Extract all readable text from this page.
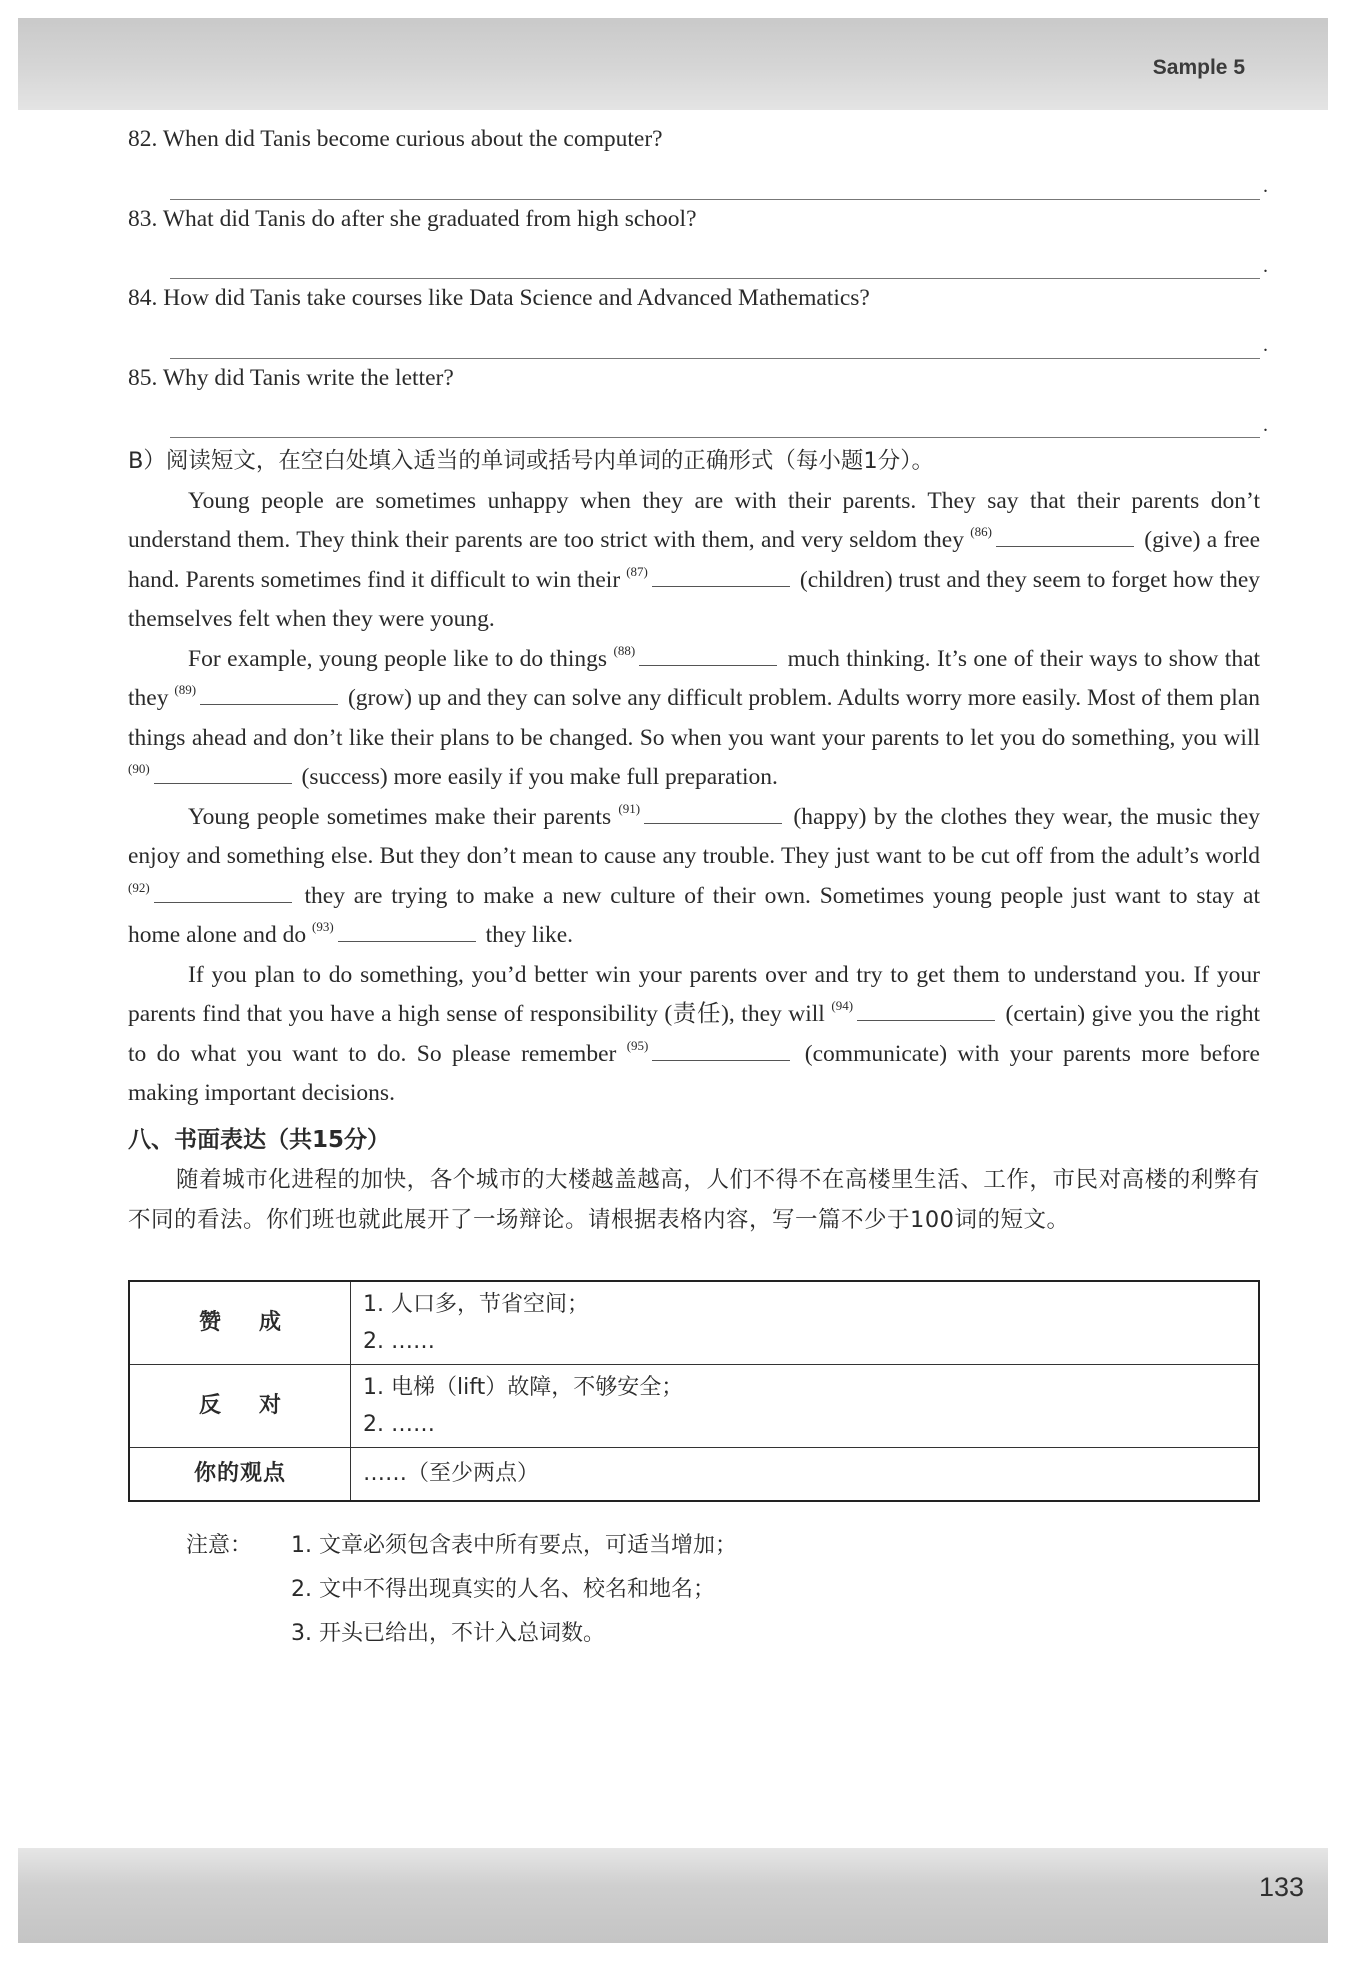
Sample 5
133

82. When did Tanis become curious about the computer?

.

83. What did Tanis do after she graduated from high school?

.

84. How did Tanis take courses like Data Science and Advanced Mathematics?

.

85. Why did Tanis write the letter?

.
B）阅读短文，在空白处填入适当的单词或括号内单词的正确形式（每小题1分）。

Young people are sometimes unhappy when they are with their parents. They say that their parents don’t understand them. They think their parents are too strict with them, and very seldom they $^{(86)}$	(give) a free hand. Parents sometimes find it difficult to win their $^{(87)}$	(children) trust and they seem to forget how they themselves felt when they were young.

For example, young people like to do things $^{(88)}$	much thinking. It’s one of their ways to show that they $^{(89)}$	(grow) up and they can solve any difficult problem. Adults worry more easily. Most of them plan things ahead and don’t like their plans to be changed. So when you want your parents to let you do something, you will $^{(90)}$	(success) more easily if you make full preparation.

Young people sometimes make their parents $^{(91)}$	(happy) by the clothes they wear, the music they enjoy and something else. But they don’t mean to cause any trouble. They just want to be cut off from the adult’s world $^{(92)}$	they are trying to make a new culture of their own. Sometimes young people just want to stay at home alone and do $^{(93)}$	they like.

If you plan to do something, you’d better win your parents over and try to get them to understand you. If your parents find that you have a high sense of responsibility (责任), they will $^{(94)}$	(certain) give you the right to do what you want to do. So please remember $^{(95)}$	(communicate) with your parents more before making important decisions.

八、书面表达（共15分）

随着城市化进程的加快，各个城市的大楼越盖越高，人们不得不在高楼里生活、工作，市民对高楼的利弊有不同的看法。你们班也就此展开了一场辩论。请根据表格内容，写一篇不少于100词的短文。

赞成	1. 人口多，节省空间；
2. ……

反对	1. 电梯（lift）故障，不够安全；
2. ……

你的观点	……（至少两点）
注意： 1. 文章必须包含表中所有要点，可适当增加；
2. 文中不得出现真实的人名、校名和地名；
3. 开头已给出，不计入总词数。
